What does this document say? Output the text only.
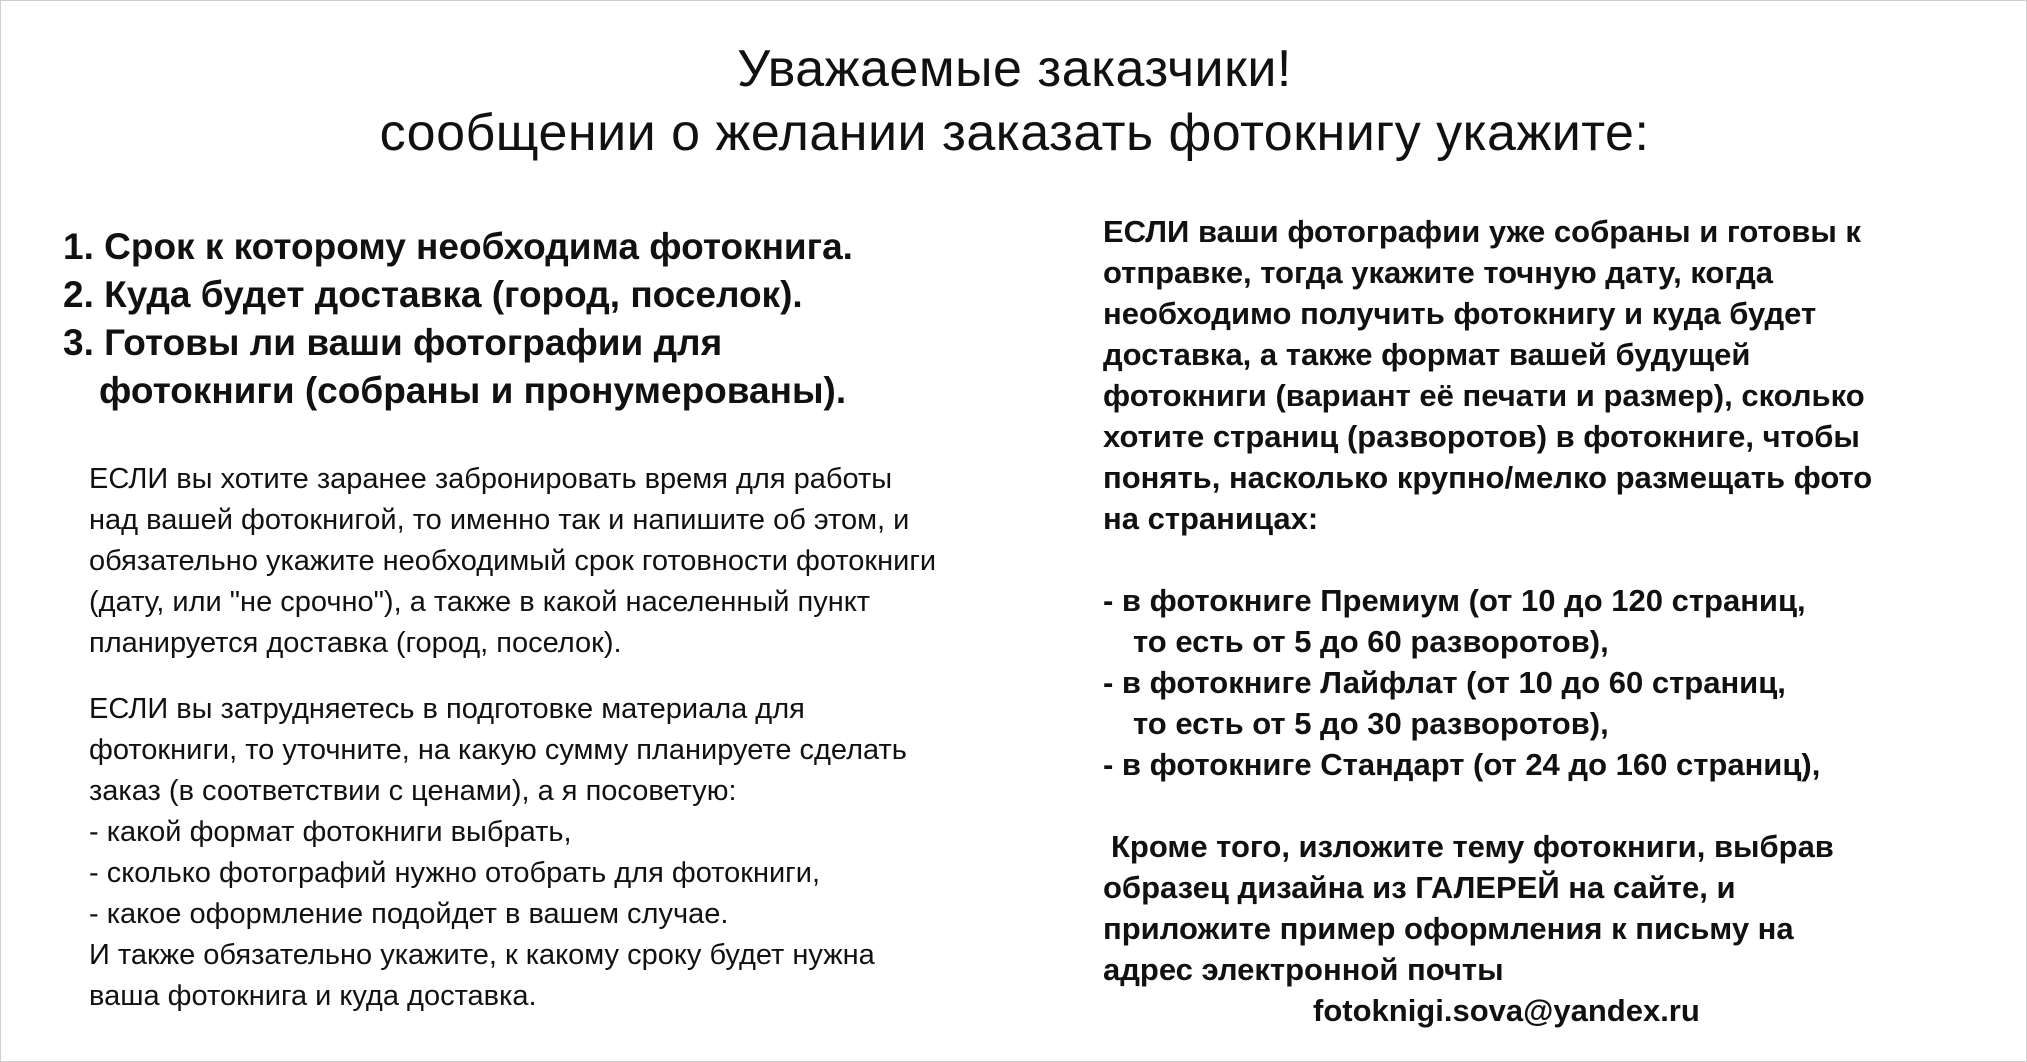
Уважаемые заказчики!
сообщении о желании заказать фотокнигу укажите:
1. Срок к которому необходима фотокнига.
2. Куда будет доставка (город, поселок).
3. Готовы ли ваши фотографии для
фотокниги (собраны и пронумерованы).
ЕСЛИ вы хотите заранее забронировать время для работы
над вашей фотокнигой, то именно так и напишите об этом, и
обязательно укажите необходимый срок готовности фотокниги
(дату, или "не срочно"), а также в какой населенный пункт
планируется доставка (город, поселок).
ЕСЛИ вы затрудняетесь в подготовке материала для
фотокниги, то уточните, на какую сумму планируете сделать
заказ (в соответствии с ценами), а я посоветую:
- какой формат фотокниги выбрать,
- сколько фотографий нужно отобрать для фотокниги,
- какое оформление подойдет в вашем случае.
И также обязательно укажите, к какому сроку будет нужна
ваша фотокнига и куда доставка.
ЕСЛИ ваши фотографии уже собраны и готовы к
отправке, тогда укажите точную дату, когда
необходимо получить фотокнигу и куда будет
доставка, а также формат вашей будущей
фотокниги (вариант её печати и размер), сколько
хотите страниц (разворотов) в фотокниге, чтобы
понять, насколько крупно/мелко размещать фото
на страницах:
- в фотокниге Премиум (от 10 до 120 страниц,
то есть от 5 до 60 разворотов),
- в фотокниге Лайфлат (от 10 до 60 страниц,
то есть от 5 до 30 разворотов),
- в фотокниге Стандарт (от 24 до 160 страниц),
Кроме того, изложите тему фотокниги, выбрав
образец дизайна из ГАЛЕРЕЙ на сайте, и
приложите пример оформления к письму на
адрес электронной почты
fotoknigi.sova@yandex.ru
